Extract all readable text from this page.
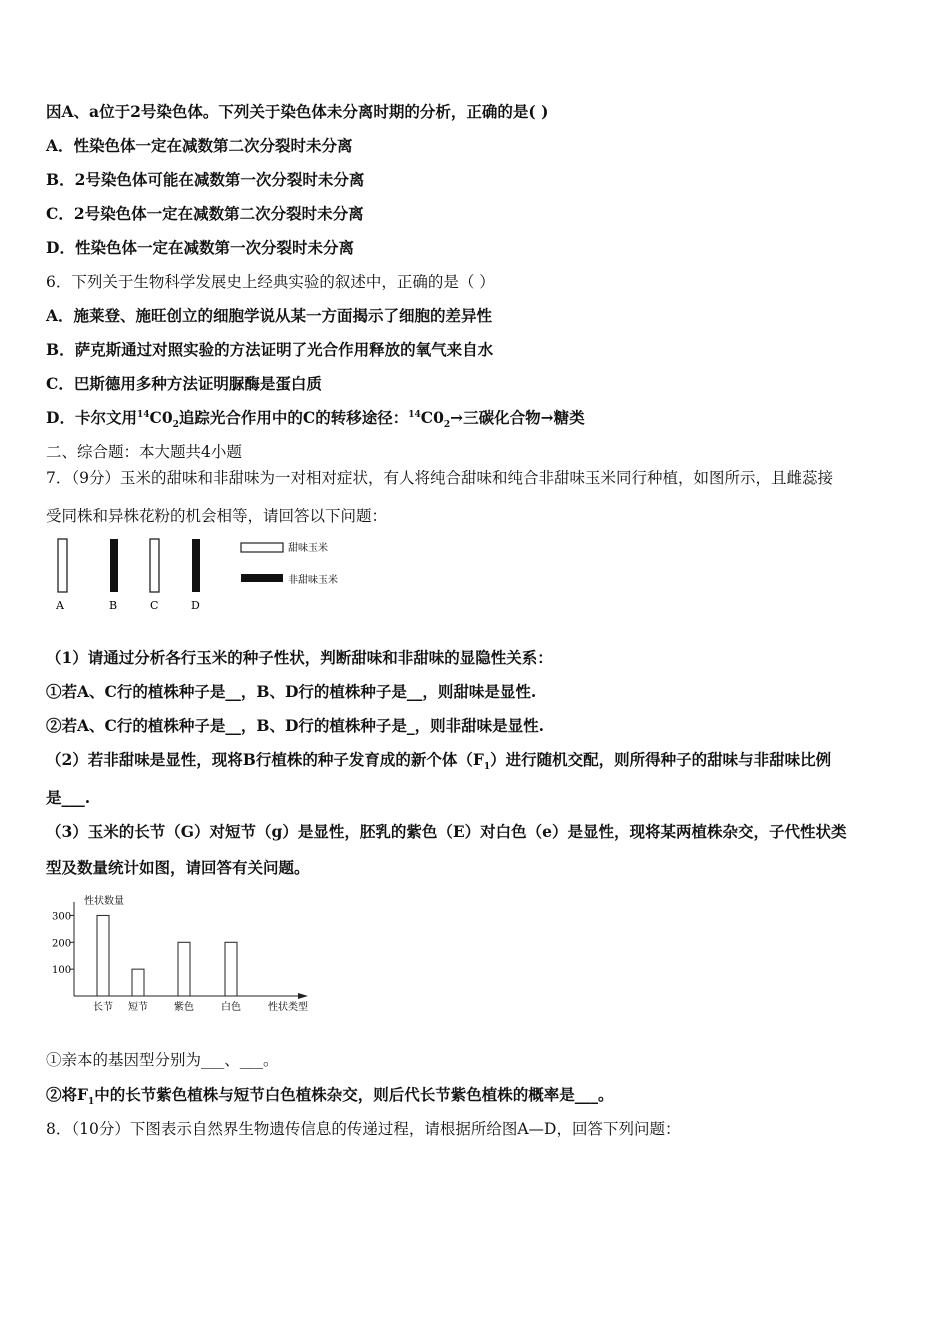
因A、a位于2号染色体。下列关于染色体未分离时期的分析，正确的是( )
A．性染色体一定在减数第二次分裂时未分离
B．2号染色体可能在减数第一次分裂时未分离
C．2号染色体一定在减数第二次分裂时未分离
D．性染色体一定在减数第一次分裂时未分离
6．下列关于生物科学发展史上经典实验的叙述中，正确的是（ ）
A．施莱登、施旺创立的细胞学说从某一方面揭示了细胞的差异性
B．萨克斯通过对照实验的方法证明了光合作用释放的氧气来自水
C．巴斯德用多种方法证明脲酶是蛋白质
D．卡尔文用$^{14}C0_2$追踪光合作用中的C的转移途径：$^{14}C0_2\to$三碳化合物→糖类
二、综合题：本大题共4小题
7．（9分）玉米的甜味和非甜味为一对相对症状，有人将纯合甜味和纯合非甜味玉米同行种植，如图所示，且雌蕊接
受同株和异株花粉的机会相等，请回答以下问题：
A	B	C	D
甜味玉米
非甜味玉米
（1）请通过分析各行玉米的种子性状，判断甜味和非甜味的显隐性关系：
①若A、C行的植株种子是__，B、D行的植株种子是__，则甜味是显性.
②若A、C行的植株种子是__，B、D行的植株种子是_，则非甜味是显性.
（2）若非甜味是显性，现将B行植株的种子发育成的新个体$(F_1)$进行随机交配，则所得种子的甜味与非甜味比例
是___.
（3）玉米的长节（G）对短节（g）是显性，胚乳的紫色（E）对白色（e）是显性，现将某两植株杂交，子代性状类
型及数量统计如图，请回答有关问题。
性状数量
100
200
300
长节 短节	紫色	白色	性状类型
①亲本的基因型分别为___、___。
②将$F_1$中的长节紫色植株与短节白色植株杂交，则后代长节紫色植株的概率是___。
8．（10分）下图表示自然界生物遗传信息的传递过程，请根据所给图A—D，回答下列问题：
